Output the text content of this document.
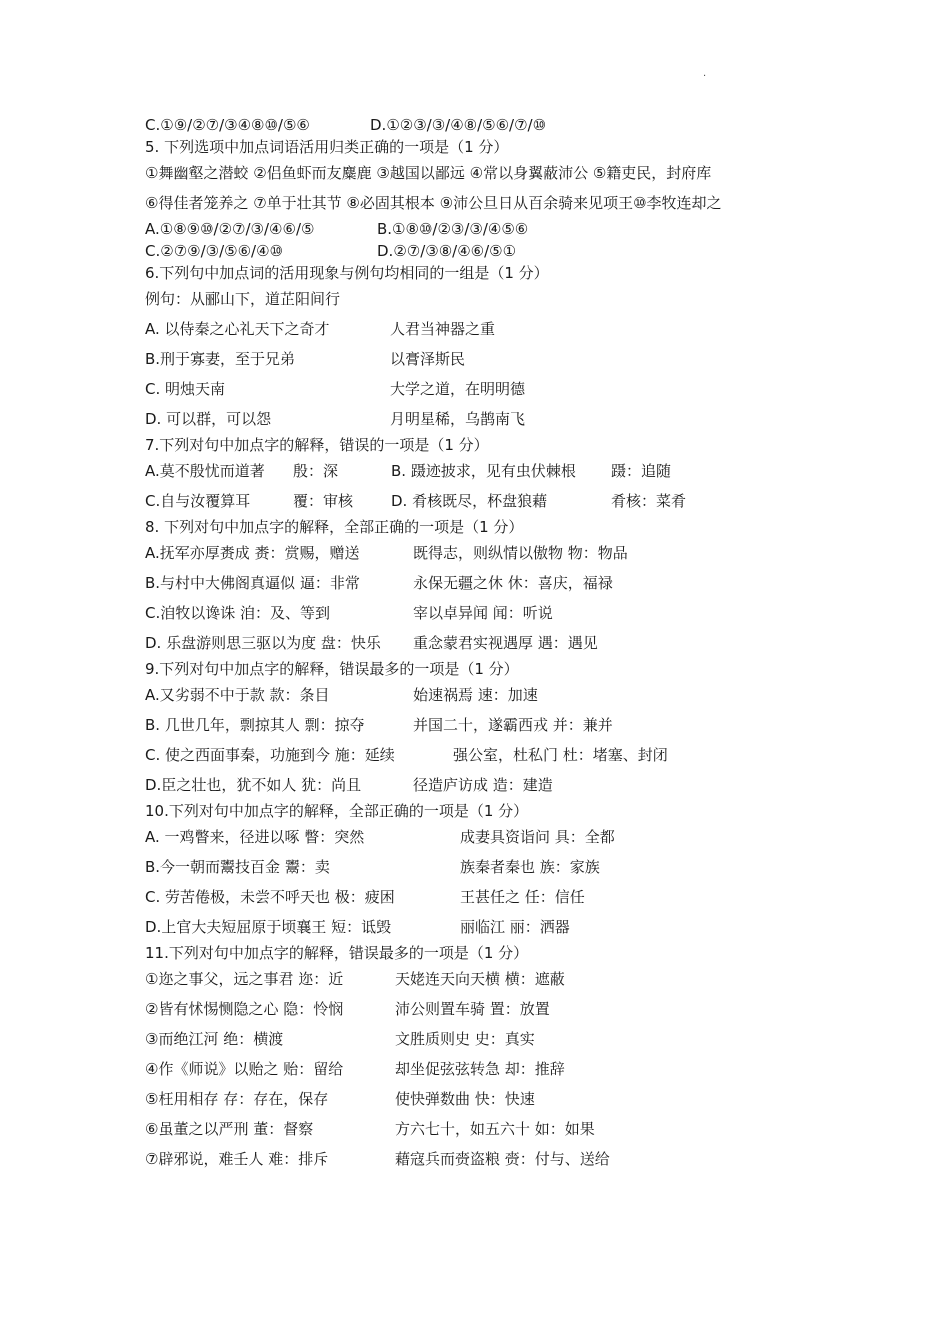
.
C.①⑨/②⑦/③④⑧⑩/⑤⑥	D.①②③/③/④⑧/⑤⑥/⑦/⑩
5. 下列选项中加点词语活用归类正确的一项是（1 分）
①舞幽壑之潜蛟 ②侣鱼虾而友麋鹿 ③越国以鄙远 ④常以身翼蔽沛公 ⑤籍吏民，封府库
⑥得佳者笼养之 ⑦单于壮其节 ⑧必固其根本 ⑨沛公旦日从百余骑来见项王⑩李牧连却之
A.①⑧⑨⑩/②⑦/③/④⑥/⑤	B.①⑧⑩/②③/③/④⑤⑥
C.②⑦⑨/③/⑤⑥/④⑩	D.②⑦/③⑧/④⑥/⑤①
6.下列句中加点词的活用现象与例句均相同的一组是（1 分）
例句：从郦山下，道芷阳间行
A. 以侍秦之心礼天下之奇才	人君当神器之重
B.刑于寡妻，至于兄弟	以膏泽斯民
C. 明烛天南	大学之道，在明明德
D. 可以群，可以怨	月明星稀，乌鹊南飞
7.下列对句中加点字的解释，错误的一项是（1 分）
A.莫不殷忧而道著 殷：深	B. 蹑迹披求，见有虫伏棘根 蹑：追随
C.自与汝覆算耳	覆：审核	D. 肴核既尽，杯盘狼藉	肴核：菜肴
8. 下列对句中加点字的解释，全部正确的一项是（1 分）
A.抚军亦厚赉成 赉：赏赐，赠送	既得志，则纵情以傲物 物：物品
B.与村中大佛阁真逼似 逼：非常	永保无疆之休 休：喜庆，福禄
C.洎牧以谗诛 洎：及、等到	宰以卓异闻 闻：听说
D. 乐盘游则思三驱以为度 盘：快乐 重念蒙君实视遇厚 遇：遇见
9.下列对句中加点字的解释，错误最多的一项是（1 分）
A.又劣弱不中于款 款：条目	始速祸焉 速：加速
B. 几世几年，剽掠其人 剽：掠夺	并国二十，遂霸西戎 并：兼并
C. 使之西面事秦，功施到今 施：延续	强公室，杜私门 杜：堵塞、封闭
D.臣之壮也，犹不如人 犹：尚且	径造庐访成 造：建造
10.下列对句中加点字的解释，全部正确的一项是（1 分）
A. 一鸡瞥来，径进以啄 瞥：突然	成妻具资诣问 具：全都
B.今一朝而鬻技百金 鬻：卖	族秦者秦也 族：家族
C. 劳苦倦极，未尝不呼天也 极：疲困	王甚任之 任：信任
D.上官大夫短屈原于顷襄王 短：诋毁	丽临江 丽：洒器
11.下列对句中加点字的解释，错误最多的一项是（1 分）
①迩之事父，远之事君 迩：近	天姥连天向天横 横：遮蔽
②皆有怵惕恻隐之心 隐：怜悯	沛公则置车骑 置：放置
③而绝江河 绝：横渡	文胜质则史 史：真实
④作《师说》以贻之 贻：留给	却坐促弦弦转急 却：推辞
⑤枉用相存 存：存在，保存	使快弹数曲 快：快速
⑥虽董之以严刑 董：督察	方六七十，如五六十 如：如果
⑦辟邪说，难壬人 难：排斥	藉寇兵而赍盗粮 赍：付与、送给
